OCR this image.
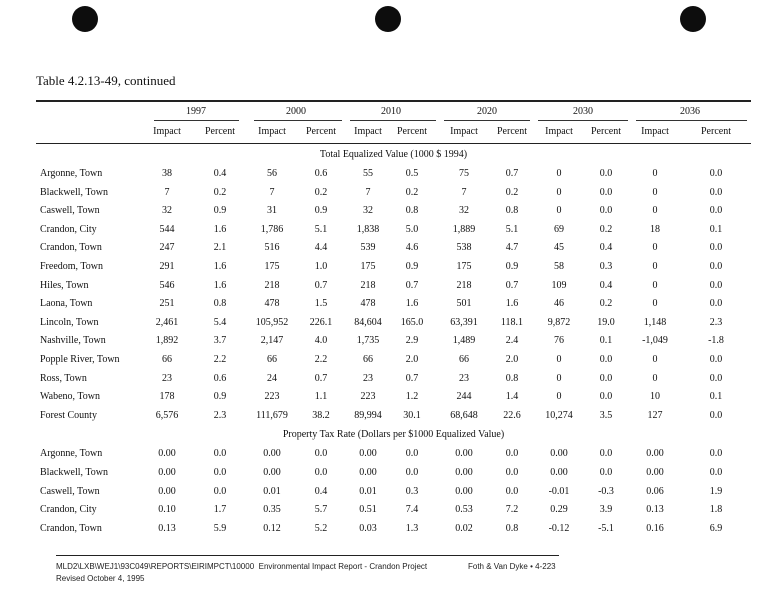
Table 4.2.13-49, continued
1997	2000	2010	2020	2030	2036
Impact	Percent	Impact	Percent	Impact	Percent	Impact	Percent	Impact	Percent	Impact	Percent
Total Equalized Value (1000 $ 1994)
Argonne, Town	38	0.4	56	0.6	55	0.5	75	0.7	0	0.0	0	0.0
Blackwell, Town	7	0.2	7	0.2	7	0.2	7	0.2	0	0.0	0	0.0
Caswell, Town	32	0.9	31	0.9	32	0.8	32	0.8	0	0.0	0	0.0
Crandon, City	544	1.6	1,786	5.1	1,838	5.0	1,889	5.1	69	0.2	18	0.1
Crandon, Town	247	2.1	516	4.4	539	4.6	538	4.7	45	0.4	0	0.0
Freedom, Town	291	1.6	175	1.0	175	0.9	175	0.9	58	0.3	0	0.0
Hiles, Town	546	1.6	218	0.7	218	0.7	218	0.7	109	0.4	0	0.0
Laona, Town	251	0.8	478	1.5	478	1.6	501	1.6	46	0.2	0	0.0
Lincoln, Town	2,461	5.4	105,952	226.1	84,604	165.0	63,391	118.1	9,872	19.0	1,148	2.3
Nashville, Town	1,892	3.7	2,147	4.0	1,735	2.9	1,489	2.4	76	0.1	-1,049	-1.8
Popple River, Town	66	2.2	66	2.2	66	2.0	66	2.0	0	0.0	0	0.0
Ross, Town	23	0.6	24	0.7	23	0.7	23	0.8	0	0.0	0	0.0
Wabeno, Town	178	0.9	223	1.1	223	1.2	244	1.4	0	0.0	10	0.1
Forest County	6,576	2.3	111,679	38.2	89,994	30.1	68,648	22.6	10,274	3.5	127	0.0
Property Tax Rate (Dollars per $1000 Equalized Value)
Argonne, Town	0.00	0.0	0.00	0.0	0.00	0.0	0.00	0.0	0.00	0.0	0.00	0.0
Blackwell, Town	0.00	0.0	0.00	0.0	0.00	0.0	0.00	0.0	0.00	0.0	0.00	0.0
Caswell, Town	0.00	0.0	0.01	0.4	0.01	0.3	0.00	0.0	-0.01	-0.3	0.06	1.9
Crandon, City	0.10	1.7	0.35	5.7	0.51	7.4	0.53	7.2	0.29	3.9	0.13	1.8
Crandon, Town	0.13	5.9	0.12	5.2	0.03	1.3	0.02	0.8	-0.12	-5.1	0.16	6.9
MLD2\LXB\WEJ1\93C049\REPORTS\EIRIMPCT\10000 Environmental Impact Report - Crandon Project
Revised October 4, 1995
Foth & Van Dyke • 4-223
